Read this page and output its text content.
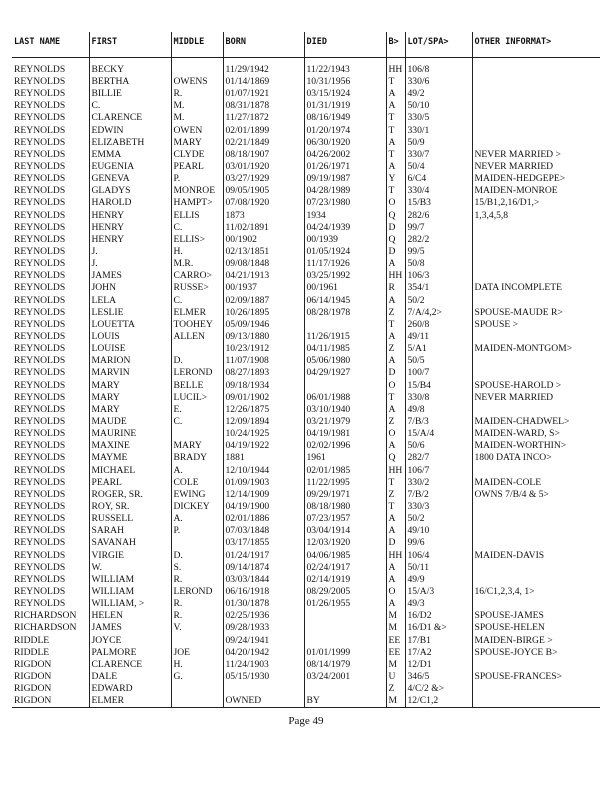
LAST NAME	FIRST	MIDDLE	BORN	DIED	B>	LOT/SPA>	OTHER INFORMAT>
REYNOLDS	BECKY		11/29/1942	11/22/1943	HH	106/8	
REYNOLDS	BERTHA	OWENS	01/14/1869	10/31/1956	T	330/6	
REYNOLDS	BILLIE	R.	01/07/1921	03/15/1924	A	49/2	
REYNOLDS	C.	M.	08/31/1878	01/31/1919	A	50/10	
REYNOLDS	CLARENCE	M.	11/27/1872	08/16/1949	T	330/5	
REYNOLDS	EDWIN	OWEN	02/01/1899	01/20/1974	T	330/1	
REYNOLDS	ELIZABETH	MARY	02/21/1849	06/30/1920	A	50/9	
REYNOLDS	EMMA	CLYDE	08/18/1907	04/26/2002	T	330/7	NEVER MARRIED >
REYNOLDS	EUGENIA	PEARL	03/01/1920	01/26/1971	A	50/4	NEVER MARRIED
REYNOLDS	GENEVA	P.	03/27/1929	09/19/1987	Y	6/C4	MAIDEN-HEDGEPE>
REYNOLDS	GLADYS	MONROE	09/05/1905	04/28/1989	T	330/4	MAIDEN-MONROE
REYNOLDS	HAROLD	HAMPT>	07/08/1920	07/23/1980	O	15/B3	15/B1,2,16/D1,>
REYNOLDS	HENRY	ELLIS	1873	1934	Q	282/6	1,3,4,5,8
REYNOLDS	HENRY	C.	11/02/1891	04/24/1939	D	99/7	
REYNOLDS	HENRY	ELLIS>	00/1902	00/1939	Q	282/2	
REYNOLDS	J.	H.	02/13/1851	01/05/1924	D	99/5	
REYNOLDS	J.	M.R.	09/08/1848	11/17/1926	A	50/8	
REYNOLDS	JAMES	CARRO>	04/21/1913	03/25/1992	HH	106/3	
REYNOLDS	JOHN	RUSSE>	00/1937	00/1961	R	354/1	DATA INCOMPLETE
REYNOLDS	LELA	C.	02/09/1887	06/14/1945	A	50/2	
REYNOLDS	LESLIE	ELMER	10/26/1895	08/28/1978	Z	7/A/4,2>	SPOUSE-MAUDE R>
REYNOLDS	LOUETTA	TOOHEY	05/09/1946		T	260/8	SPOUSE >
REYNOLDS	LOUIS	ALLEN	09/13/1880	11/26/1915	A	49/11	
REYNOLDS	LOUISE		10/23/1912	04/11/1985	Z	5/A1	MAIDEN-MONTGOM>
REYNOLDS	MARION	D.	11/07/1908	05/06/1980	A	50/5	
REYNOLDS	MARVIN	LEROND	08/27/1893	04/29/1927	D	100/7	
REYNOLDS	MARY	BELLE	09/18/1934		O	15/B4	SPOUSE-HAROLD >
REYNOLDS	MARY	LUCIL>	09/01/1902	06/01/1988	T	330/8	NEVER MARRIED
REYNOLDS	MARY	E.	12/26/1875	03/10/1940	A	49/8	
REYNOLDS	MAUDE	C.	12/09/1894	03/21/1979	Z	7/B/3	MAIDEN-CHADWEL>
REYNOLDS	MAURINE		10/24/1925	04/19/1981	O	15/A/4	MAIDEN-WARD, S>
REYNOLDS	MAXINE	MARY	04/19/1922	02/02/1996	A	50/6	MAIDEN-WORTHIN>
REYNOLDS	MAYME	BRADY	1881	1961	Q	282/7	1800 DATA INCO>
REYNOLDS	MICHAEL	A.	12/10/1944	02/01/1985	HH	106/7	
REYNOLDS	PEARL	COLE	01/09/1903	11/22/1995	T	330/2	MAIDEN-COLE
REYNOLDS	ROGER, SR.	EWING	12/14/1909	09/29/1971	Z	7/B/2	OWNS 7/B/4 & 5>
REYNOLDS	ROY, SR.	DICKEY	04/19/1900	08/18/1980	T	330/3	
REYNOLDS	RUSSELL	A.	02/01/1886	07/23/1957	A	50/2	
REYNOLDS	SARAH	P.	07/03/1848	03/04/1914	A	49/10	
REYNOLDS	SAVANAH		03/17/1855	12/03/1920	D	99/6	
REYNOLDS	VIRGIE	D.	01/24/1917	04/06/1985	HH	106/4	MAIDEN-DAVIS
REYNOLDS	W.	S.	09/14/1874	02/24/1917	A	50/11	
REYNOLDS	WILLIAM	R.	03/03/1844	02/14/1919	A	49/9	
REYNOLDS	WILLIAM	LEROND	06/16/1918	08/29/2005	O	15/A/3	16/C1,2,3,4, 1>
REYNOLDS	WILLIAM, >	R.	01/30/1878	01/26/1955	A	49/3	
RICHARDSON	HELEN	R.	02/25/1936		M	16/D2	SPOUSE-JAMES
RICHARDSON	JAMES	V.	09/28/1933		M	16/D1 &>	SPOUSE-HELEN
RIDDLE	JOYCE		09/24/1941		EE	17/B1	MAIDEN-BIRGE >
RIDDLE	PALMORE	JOE	04/20/1942	01/01/1999	EE	17/A2	SPOUSE-JOYCE B>
RIGDON	CLARENCE	H.	11/24/1903	08/14/1979	M	12/D1	
RIGDON	DALE	G.	05/15/1930	03/24/2001	U	346/5	SPOUSE-FRANCES>
RIGDON	EDWARD				Z	4/C/2 &>	
RIGDON	ELMER		OWNED	BY	M	12/C1,2	
Page 49
